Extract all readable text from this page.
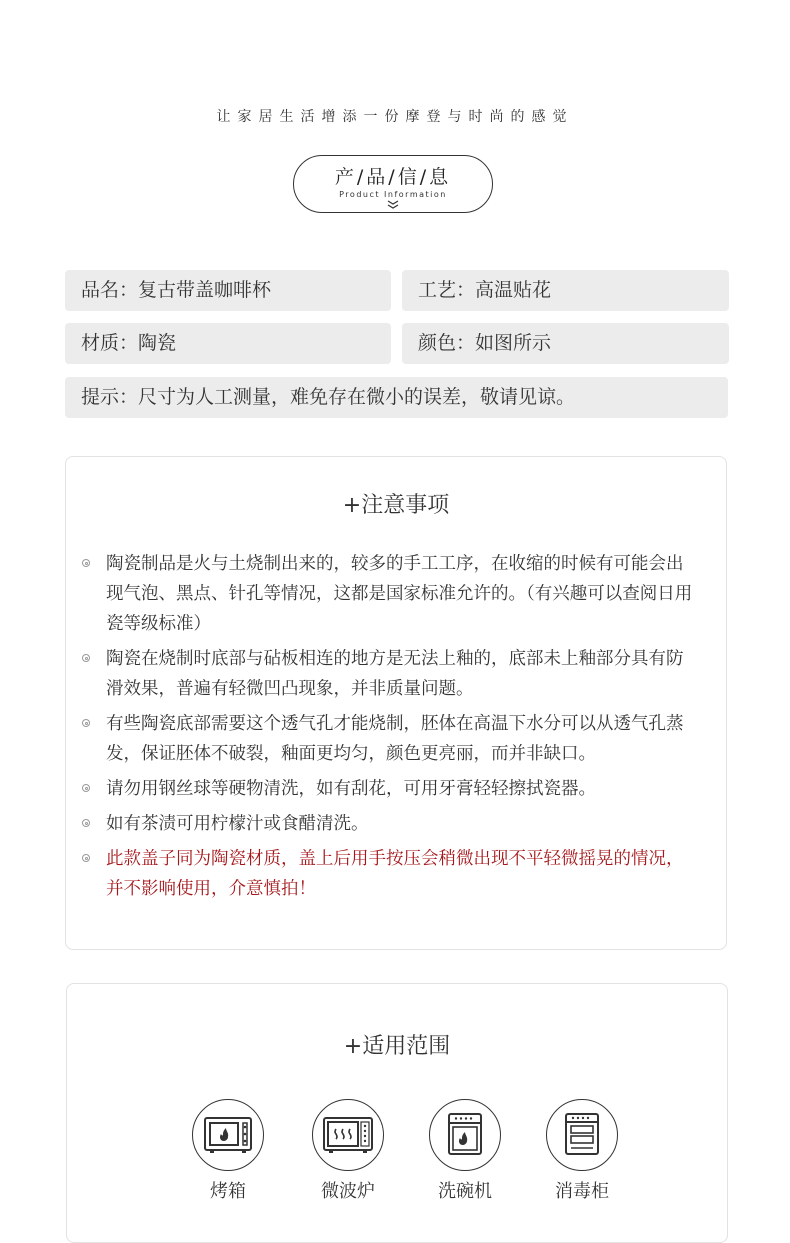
让家居生活增添一份摩登与时尚的感觉
产/品/信/息
Product Information
品名：复古带盖咖啡杯	工艺：高温贴花
材质：陶瓷	颜色：如图所示
提示：尺寸为人工测量，难免存在微小的误差，敬请见谅。
+注意事项
陶瓷制品是火与土烧制出来的，较多的手工工序，在收缩的时候有可能会出现气泡、黑点、针孔等情况，这都是国家标准允许的。（有兴趣可以查阅日用瓷等级标准）
陶瓷在烧制时底部与砧板相连的地方是无法上釉的，底部未上釉部分具有防滑效果，普遍有轻微凹凸现象，并非质量问题。
有些陶瓷底部需要这个透气孔才能烧制，胚体在高温下水分可以从透气孔蒸发，保证胚体不破裂，釉面更均匀，颜色更亮丽，而并非缺口。
请勿用钢丝球等硬物清洗，如有刮花，可用牙膏轻轻擦拭瓷器。
如有茶渍可用柠檬汁或食醋清洗。
此款盖子同为陶瓷材质，盖上后用手按压会稍微出现不平轻微摇晃的情况，并不影响使用，介意慎拍！
+适用范围
烤箱	微波炉	洗碗机	消毒柜
